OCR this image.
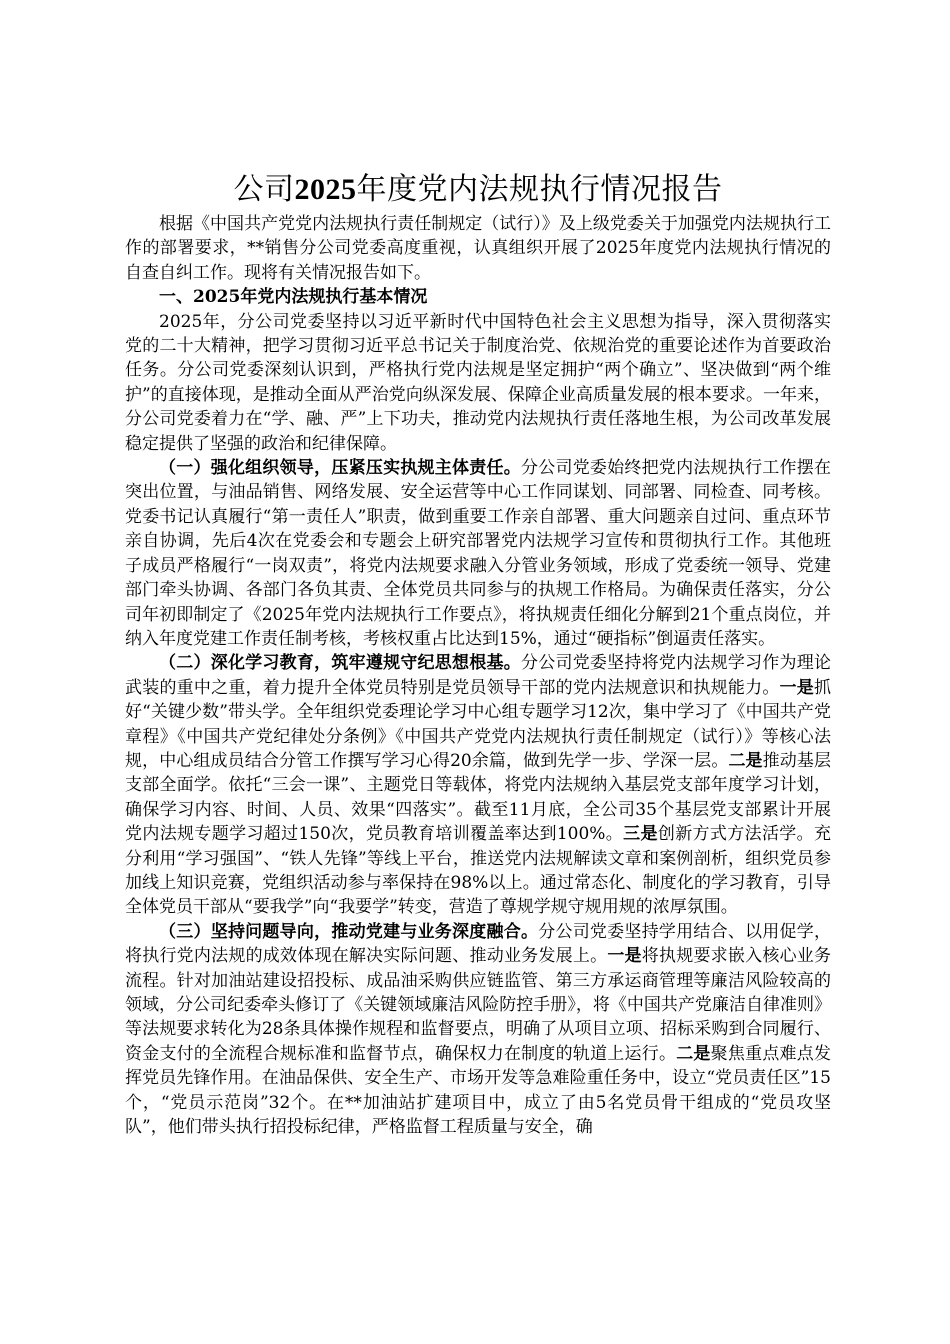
公司2025年度党内法规执行情况报告

根据《中国共产党党内法规执行责任制规定（试行）》及上级党委关于加强党内法规执行工作的部署要求，**销售分公司党委高度重视，认真组织开展了2025年度党内法规执行情况的自查自纠工作。现将有关情况报告如下。

一、2025年党内法规执行基本情况

2025年，分公司党委坚持以习近平新时代中国特色社会主义思想为指导，深入贯彻落实党的二十大精神，把学习贯彻习近平总书记关于制度治党、依规治党的重要论述作为首要政治任务。分公司党委深刻认识到，严格执行党内法规是坚定拥护“两个确立”、坚决做到“两个维护”的直接体现，是推动全面从严治党向纵深发展、保障企业高质量发展的根本要求。一年来，分公司党委着力在“学、融、严”上下功夫，推动党内法规执行责任落地生根，为公司改革发展稳定提供了坚强的政治和纪律保障。

（一）强化组织领导，压紧压实执规主体责任。分公司党委始终把党内法规执行工作摆在突出位置，与油品销售、网络发展、安全运营等中心工作同谋划、同部署、同检查、同考核。党委书记认真履行“第一责任人”职责，做到重要工作亲自部署、重大问题亲自过问、重点环节亲自协调，先后4次在党委会和专题会上研究部署党内法规学习宣传和贯彻执行工作。其他班子成员严格履行“一岗双责”，将党内法规要求融入分管业务领域，形成了党委统一领导、党建部门牵头协调、各部门各负其责、全体党员共同参与的执规工作格局。为确保责任落实，分公司年初即制定了《2025年党内法规执行工作要点》，将执规责任细化分解到21个重点岗位，并纳入年度党建工作责任制考核，考核权重占比达到15%，通过“硬指标”倒逼责任落实。

（二）深化学习教育，筑牢遵规守纪思想根基。分公司党委坚持将党内法规学习作为理论武装的重中之重，着力提升全体党员特别是党员领导干部的党内法规意识和执规能力。一是抓好“关键少数”带头学。全年组织党委理论学习中心组专题学习12次，集中学习了《中国共产党章程》《中国共产党纪律处分条例》《中国共产党党内法规执行责任制规定（试行）》等核心法规，中心组成员结合分管工作撰写学习心得20余篇，做到先学一步、学深一层。二是推动基层支部全面学。依托“三会一课”、主题党日等载体，将党内法规纳入基层党支部年度学习计划，确保学习内容、时间、人员、效果“四落实”。截至11月底，全公司35个基层党支部累计开展党内法规专题学习超过150次，党员教育培训覆盖率达到100%。三是创新方式方法活学。充分利用“学习强国”、“铁人先锋”等线上平台，推送党内法规解读文章和案例剖析，组织党员参加线上知识竞赛，党组织活动参与率保持在98%以上。通过常态化、制度化的学习教育，引导全体党员干部从“要我学”向“我要学”转变，营造了尊规学规守规用规的浓厚氛围。

（三）坚持问题导向，推动党建与业务深度融合。分公司党委坚持学用结合、以用促学，将执行党内法规的成效体现在解决实际问题、推动业务发展上。一是将执规要求嵌入核心业务流程。针对加油站建设招投标、成品油采购供应链监管、第三方承运商管理等廉洁风险较高的领域，分公司纪委牵头修订了《关键领域廉洁风险防控手册》，将《中国共产党廉洁自律准则》等法规要求转化为28条具体操作规程和监督要点，明确了从项目立项、招标采购到合同履行、资金支付的全流程合规标准和监督节点，确保权力在制度的轨道上运行。二是聚焦重点难点发挥党员先锋作用。在油品保供、安全生产、市场开发等急难险重任务中，设立“党员责任区”15个，“党员示范岗”32个。在**加油站扩建项目中，成立了由5名党员骨干组成的“党员攻坚队”，他们带头执行招投标纪律，严格监督工程质量与安全，确
